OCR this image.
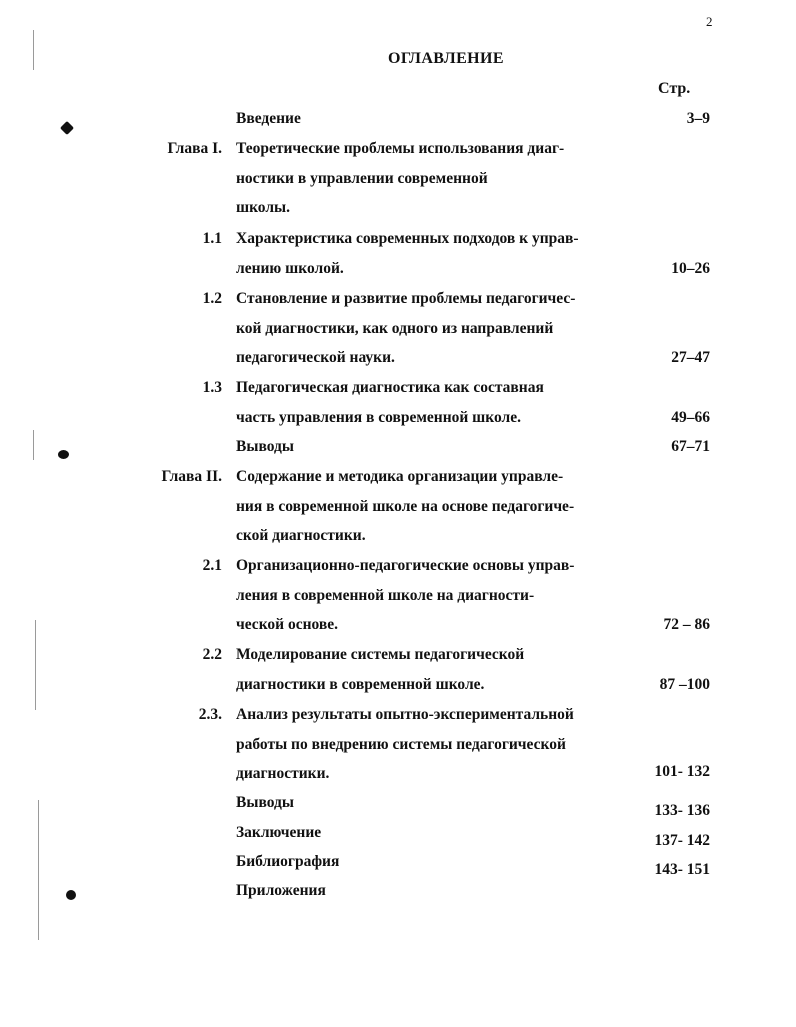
2
ОГЛАВЛЕНИЕ
Стр.
Введение	3–9
Глава I. Теоретические проблемы использования диаг-
ностики в управлении современной
школы.
1.1 Характеристика современных подходов к управ-
лению школой.	10–26
1.2 Становление и развитие проблемы педагогичес-
кой диагностики, как одного из направлений
педагогической науки.	27–47
1.3 Педагогическая диагностика как составная
часть управления в современной школе.	49–66
Выводы	67–71
Глава II. Содержание и методика организации управле-
ния в современной школе на основе педагогиче-
ской диагностики.
2.1 Организационно-педагогические основы управ-
ления в современной школе на диагности-
ческой основе.	72 – 86
2.2 Моделирование системы педагогической
диагностики в современной школе.	87 –100
2.3. Анализ результаты опытно-экспериментальной
работы по внедрению системы педагогической
диагностики.	101- 132
Выводы	133- 136
Заключение	137- 142
Библиография	143- 151
Приложения
